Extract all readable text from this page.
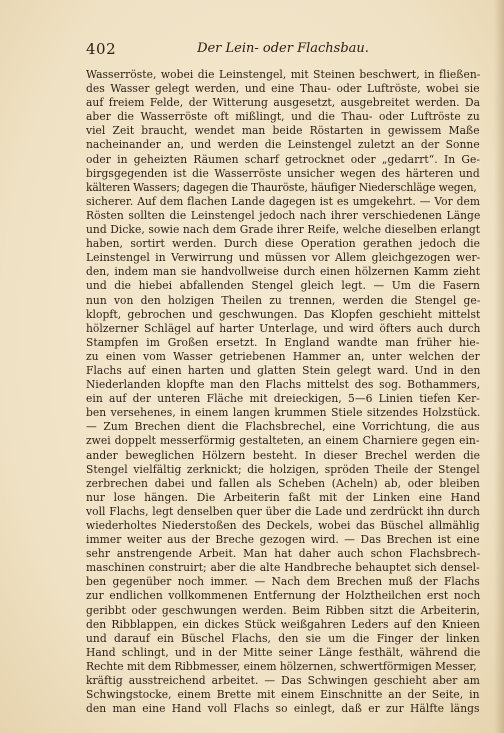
402	Der Lein- oder Flachsbau.

Wasserröste, wobei die Leinstengel, mit Steinen beschwert, in fließen-
des Wasser gelegt werden, und eine Thau- oder Luftröste, wobei sie
auf freiem Felde, der Witterung ausgesetzt, ausgebreitet werden. Da
aber die Wasserröste oft mißlingt, und die Thau- oder Luftröste zu
viel Zeit braucht, wendet man beide Röstarten in gewissem Maße
nacheinander an, und werden die Leinstengel zuletzt an der Sonne
oder in geheizten Räumen scharf getrocknet oder „gedarrt“. In Ge-
birgsgegenden ist die Wasserröste unsicher wegen des härteren und
kälteren Wassers; dagegen die Thauröste, häufiger Niederschläge wegen,
sicherer. Auf dem flachen Lande dagegen ist es umgekehrt. — Vor dem
Rösten sollten die Leinstengel jedoch nach ihrer verschiedenen Länge
und Dicke, sowie nach dem Grade ihrer Reife, welche dieselben erlangt
haben, sortirt werden. Durch diese Operation gerathen jedoch die
Leinstengel in Verwirrung und müssen vor Allem gleichgezogen wer-
den, indem man sie handvollweise durch einen hölzernen Kamm zieht
und die hiebei abfallenden Stengel gleich legt. — Um die Fasern
nun von den holzigen Theilen zu trennen, werden die Stengel ge-
klopft, gebrochen und geschwungen. Das Klopfen geschieht mittelst
hölzerner Schlägel auf harter Unterlage, und wird öfters auch durch
Stampfen im Großen ersetzt. In England wandte man früher hie-
zu einen vom Wasser getriebenen Hammer an, unter welchen der
Flachs auf einen harten und glatten Stein gelegt ward. Und in den
Niederlanden klopfte man den Flachs mittelst des sog. Bothammers,
ein auf der unteren Fläche mit dreieckigen, 5—6 Linien tiefen Ker-
ben versehenes, in einem langen krummen Stiele sitzendes Holzstück.
— Zum Brechen dient die Flachsbrechel, eine Vorrichtung, die aus
zwei doppelt messerförmig gestalteten, an einem Charniere gegen ein-
ander beweglichen Hölzern besteht. In dieser Brechel werden die
Stengel vielfältig zerknickt; die holzigen, spröden Theile der Stengel
zerbrechen dabei und fallen als Scheben (Acheln) ab, oder bleiben
nur lose hängen. Die Arbeiterin faßt mit der Linken eine Hand
voll Flachs, legt denselben quer über die Lade und zerdrückt ihn durch
wiederholtes Niederstoßen des Deckels, wobei das Büschel allmählig
immer weiter aus der Breche gezogen wird. — Das Brechen ist eine
sehr anstrengende Arbeit. Man hat daher auch schon Flachsbrech-
maschinen construirt; aber die alte Handbreche behauptet sich densel-
ben gegenüber noch immer. — Nach dem Brechen muß der Flachs
zur endlichen vollkommenen Entfernung der Holztheilchen erst noch
geribbt oder geschwungen werden. Beim Ribben sitzt die Arbeiterin,
den Ribblappen, ein dickes Stück weißgahren Leders auf den Knieen
und darauf ein Büschel Flachs, den sie um die Finger der linken
Hand schlingt, und in der Mitte seiner Länge festhält, während die
Rechte mit dem Ribbmesser, einem hölzernen, schwertförmigen Messer,
kräftig ausstreichend arbeitet. — Das Schwingen geschieht aber am
Schwingstocke, einem Brette mit einem Einschnitte an der Seite, in
den man eine Hand voll Flachs so einlegt, daß er zur Hälfte längs
